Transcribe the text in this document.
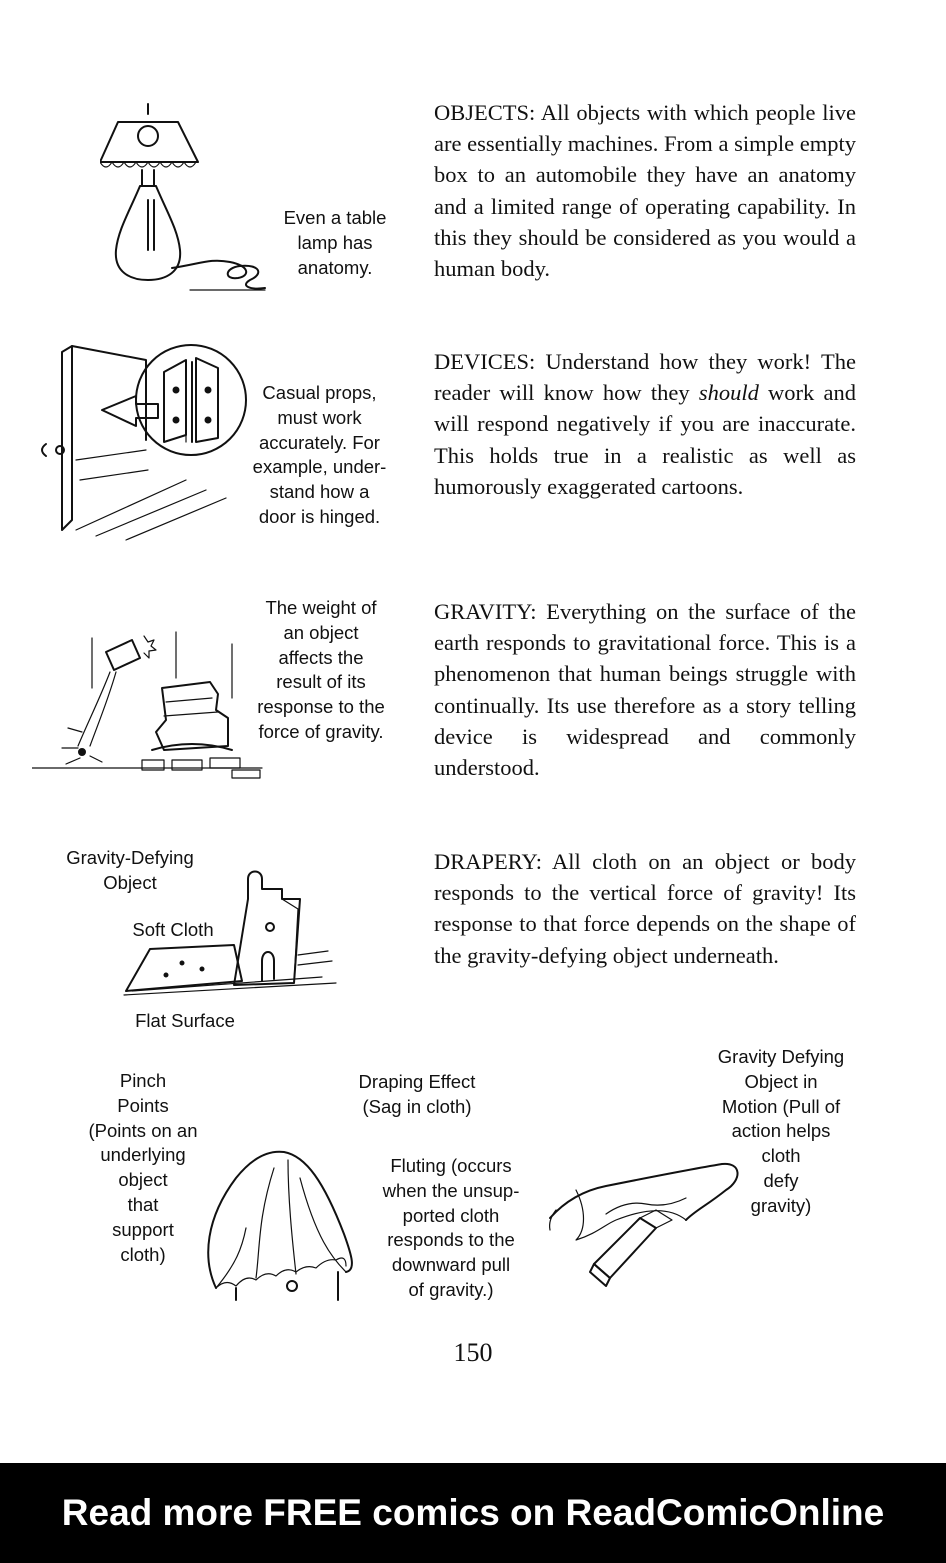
Even a table
lamp has
anatomy.
OBJECTS: All objects with which people live are essentially machines. From a simple empty box to an automobile they have an anatomy and a limited range of operating capability. In this they should be considered as you would a human body.
Casual props,
must work
accurately. For
example, under-
stand how a
door is hinged.
DEVICES: Understand how they work! The reader will know how they should work and will respond negatively if you are inaccurate. This holds true in a realistic as well as humorously exaggerated cartoons.
The weight of
an object
affects the
result of its
response to the
force of gravity.
GRAVITY: Everything on the surface of the earth responds to gravitational force. This is a phenomenon that human beings struggle with continually. Its use therefore as a story telling device is widespread and commonly understood.
Gravity-Defying
Object
Soft Cloth
Flat Surface
DRAPERY: All cloth on an object or body responds to the vertical force of gravity! Its response to that force depends on the shape of the gravity-defying object underneath.
Pinch
Points
(Points on an
underlying
object
that
support
cloth)
Draping Effect
(Sag in cloth)
Fluting (occurs
when the unsup-
ported cloth
responds to the
downward pull
of gravity.)
Gravity Defying
Object in
Motion (Pull of
action helps
cloth
defy
gravity)
150
Read more FREE comics on ReadComicOnline
